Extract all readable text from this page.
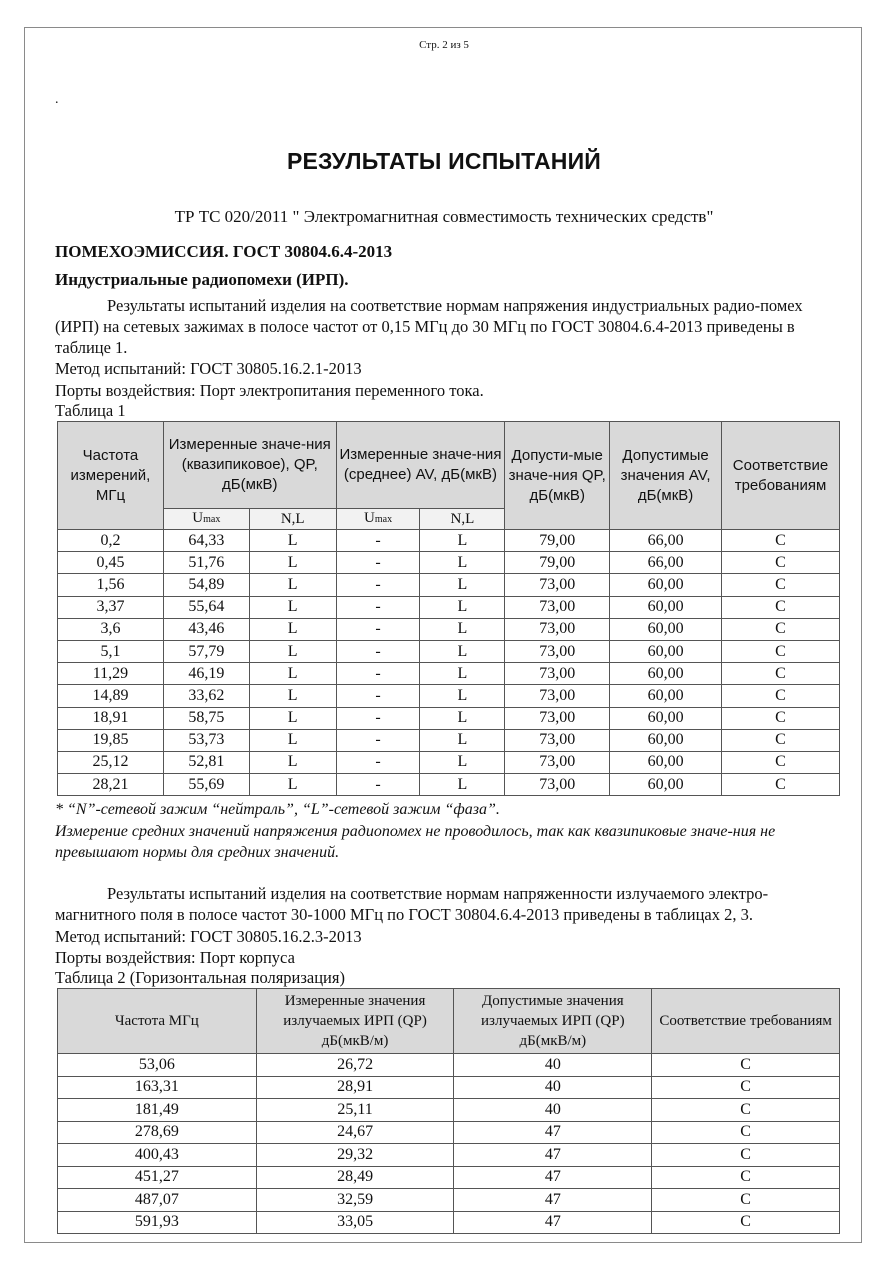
Стр. 2 из 5
.
РЕЗУЛЬТАТЫ ИСПЫТАНИЙ
ТР ТС 020/2011 " Электромагнитная совместимость технических средств"
ПОМЕХОЭМИССИЯ. ГОСТ 30804.6.4-2013
Индустриальные радиопомехи (ИРП).
Результаты испытаний изделия на соответствие нормам напряжения индустриальных радио-помех (ИРП) на сетевых зажимах в полосе частот от 0,15 МГц до 30 МГц по ГОСТ 30804.6.4-2013 приведены в таблице 1.
Метод испытаний: ГОСТ 30805.16.2.1-2013
Порты воздействия: Порт электропитания переменного тока.
Таблица 1
Частота измерений, МГц	Измеренные значе-ния (квазипиковое), QP, дБ(мкВ)		Измеренные значе-ния (среднее) AV, дБ(мкВ)		Допусти-мые значе-ния QP, дБ(мкВ)	Допустимые значения AV, дБ(мкВ)	Соответствие требованиям
	Umax	N,L	Umax	N,L			
0,2	64,33	L	-	L	79,00	66,00	С
0,45	51,76	L	-	L	79,00	66,00	С
1,56	54,89	L	-	L	73,00	60,00	С
3,37	55,64	L	-	L	73,00	60,00	С
3,6	43,46	L	-	L	73,00	60,00	С
5,1	57,79	L	-	L	73,00	60,00	С
11,29	46,19	L	-	L	73,00	60,00	С
14,89	33,62	L	-	L	73,00	60,00	С
18,91	58,75	L	-	L	73,00	60,00	С
19,85	53,73	L	-	L	73,00	60,00	С
25,12	52,81	L	-	L	73,00	60,00	С
28,21	55,69	L	-	L	73,00	60,00	С
* “N”-сетевой зажим “нейтраль”, “L”-сетевой зажим “фаза”.
Измерение средних значений напряжения радиопомех не проводилось, так как квазипиковые значе-ния не превышают нормы для средних значений.
Результаты испытаний изделия на соответствие нормам напряженности излучаемого электро-магнитного поля в полосе частот 30-1000 МГц по ГОСТ 30804.6.4-2013 приведены в таблицах 2, 3.
Метод испытаний: ГОСТ 30805.16.2.3-2013
Порты воздействия: Порт корпуса
Таблица 2 (Горизонтальная поляризация)
Частота МГц	Измеренные значения излучаемых ИРП (QP) дБ(мкВ/м)	Допустимые значения излучаемых ИРП (QP) дБ(мкВ/м)	Соответствие требованиям
53,06	26,72	40	С
163,31	28,91	40	С
181,49	25,11	40	С
278,69	24,67	47	С
400,43	29,32	47	С
451,27	28,49	47	С
487,07	32,59	47	С
591,93	33,05	47	С
